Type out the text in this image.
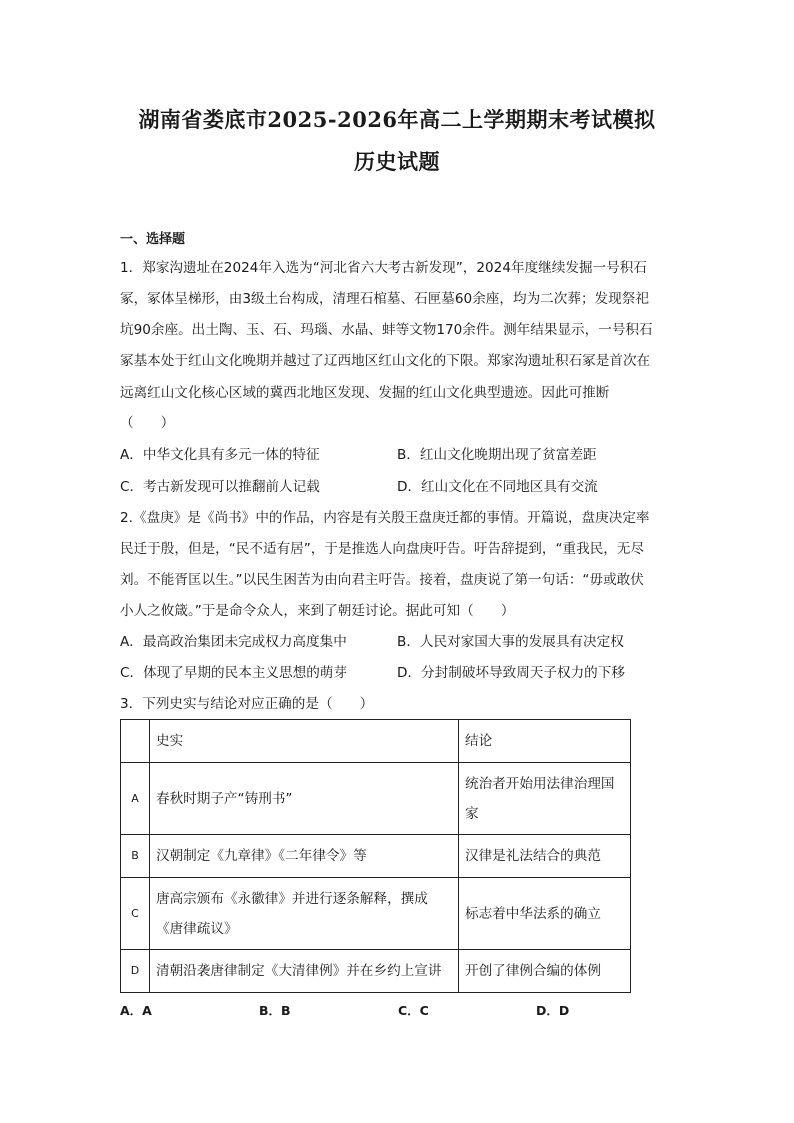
湖南省娄底市2025-2026年高二上学期期末考试模拟
历史试题
一、选择题
1．郑家沟遗址在2024年入选为“河北省六大考古新发现”，2024年度继续发掘一号积石
冢，冢体呈梯形，由3级土台构成，清理石棺墓、石匣墓60余座，均为二次葬；发现祭祀
坑90余座。出土陶、玉、石、玛瑙、水晶、蚌等文物170余件。测年结果显示，一号积石
冢基本处于红山文化晚期并越过了辽西地区红山文化的下限。郑家沟遗址积石冢是首次在
远离红山文化核心区域的冀西北地区发现、发掘的红山文化典型遗迹。因此可推断
（　　）
A．中华文化具有多元一体的特征	B．红山文化晚期出现了贫富差距
C．考古新发现可以推翻前人记载	D．红山文化在不同地区具有交流
2.《盘庚》是《尚书》中的作品，内容是有关殷王盘庚迁都的事情。开篇说，盘庚决定率
民迁于殷，但是，“民不适有居”，于是推选人向盘庚吁告。吁告辞提到，“重我民，无尽
刘。不能胥匡以生。”以民生困苦为由向君主吁告。接着，盘庚说了第一句话：“毋或敢伏
小人之攸箴。”于是命令众人，来到了朝廷讨论。据此可知（　　）
A．最高政治集团未完成权力高度集中	B．人民对家国大事的发展具有决定权
C．体现了早期的民本主义思想的萌芽	D．分封制破坏导致周天子权力的下移
3．下列史实与结论对应正确的是（　　）
	史实	结论
A	春秋时期子产“铸刑书”	统治者开始用法律治理国家
B	汉朝制定《九章律》《二年律令》等	汉律是礼法结合的典范
C	唐高宗颁布《永徽律》并进行逐条解释，撰成《唐律疏议》	标志着中华法系的确立
D	清朝沿袭唐律制定《大清律例》并在乡约上宣讲	开创了律例合编的体例
A．A	B．B	C．C	D．D
